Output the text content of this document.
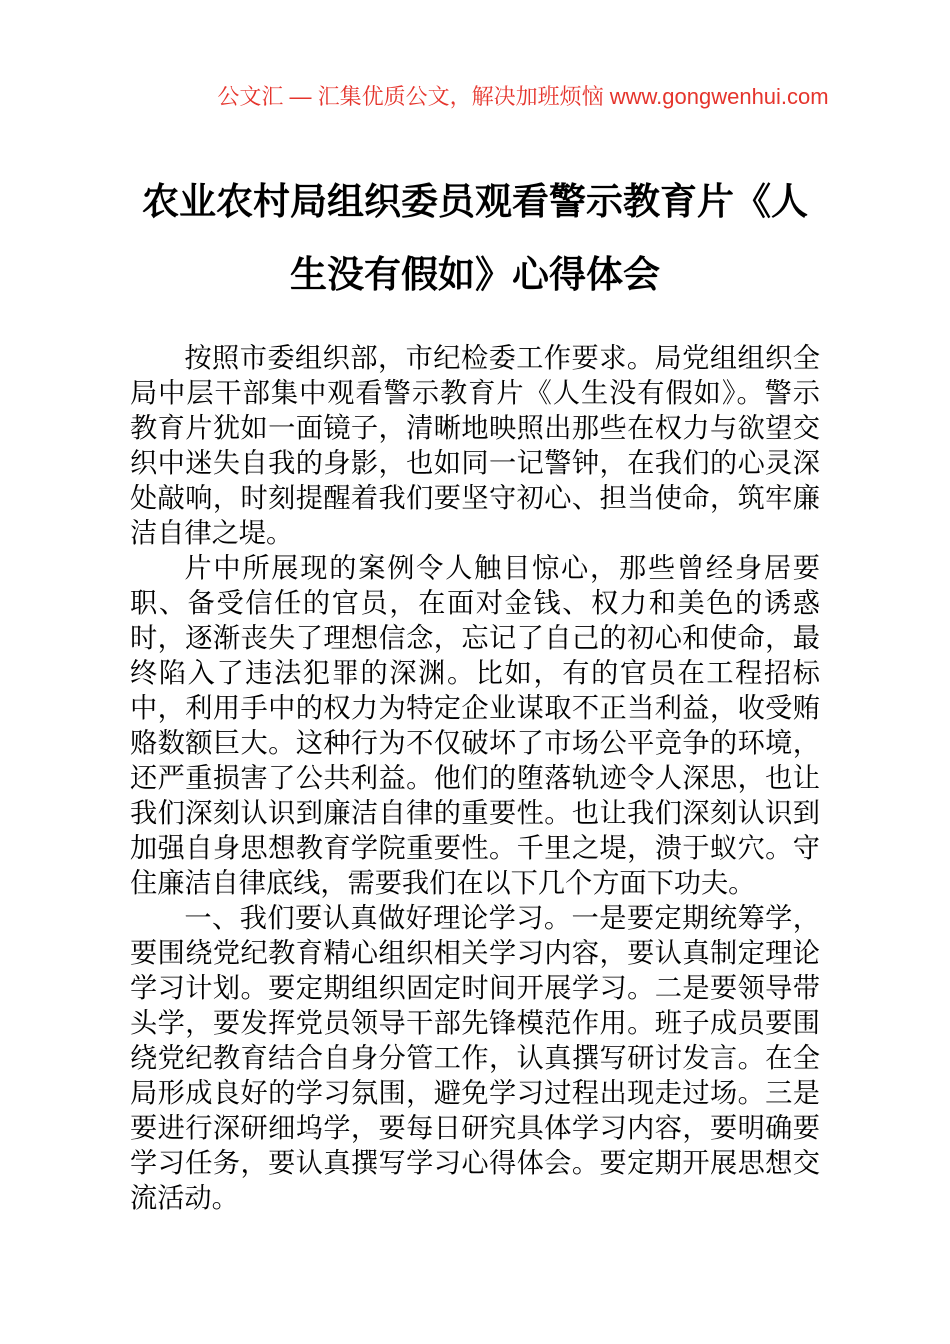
公文汇 — 汇集优质公文，解决加班烦恼 www.gongwenhui.com
农业农村局组织委员观看警示教育片《人生没有假如》心得体会

按照市委组织部，市纪检委工作要求。局党组组织全局中层干部集中观看警示教育片《人生没有假如》。警示教育片犹如一面镜子，清晰地映照出那些在权力与欲望交织中迷失自我的身影，也如同一记警钟，在我们的心灵深处敲响，时刻提醒着我们要坚守初心、担当使命，筑牢廉洁自律之堤。

片中所展现的案例令人触目惊心，那些曾经身居要职、备受信任的官员，在面对金钱、权力和美色的诱惑时，逐渐丧失了理想信念，忘记了自己的初心和使命，最终陷入了违法犯罪的深渊。比如，有的官员在工程招标中，利用手中的权力为特定企业谋取不正当利益，收受贿赂数额巨大。这种行为不仅破坏了市场公平竞争的环境，还严重损害了公共利益。他们的堕落轨迹令人深思，也让我们深刻认识到廉洁自律的重要性。也让我们深刻认识到加强自身思想教育学院重要性。千里之堤，溃于蚁穴。守住廉洁自律底线，需要我们在以下几个方面下功夫。

一、我们要认真做好理论学习。一是要定期统筹学，要围绕党纪教育精心组织相关学习内容，要认真制定理论学习计划。要定期组织固定时间开展学习。二是要领导带头学，要发挥党员领导干部先锋模范作用。班子成员要围绕党纪教育结合自身分管工作，认真撰写研讨发言。在全局形成良好的学习氛围，避免学习过程出现走过场。三是要进行深研细坞学，要每日研究具体学习内容，要明确要学习任务，要认真撰写学习心得体会。要定期开展思想交流活动。
